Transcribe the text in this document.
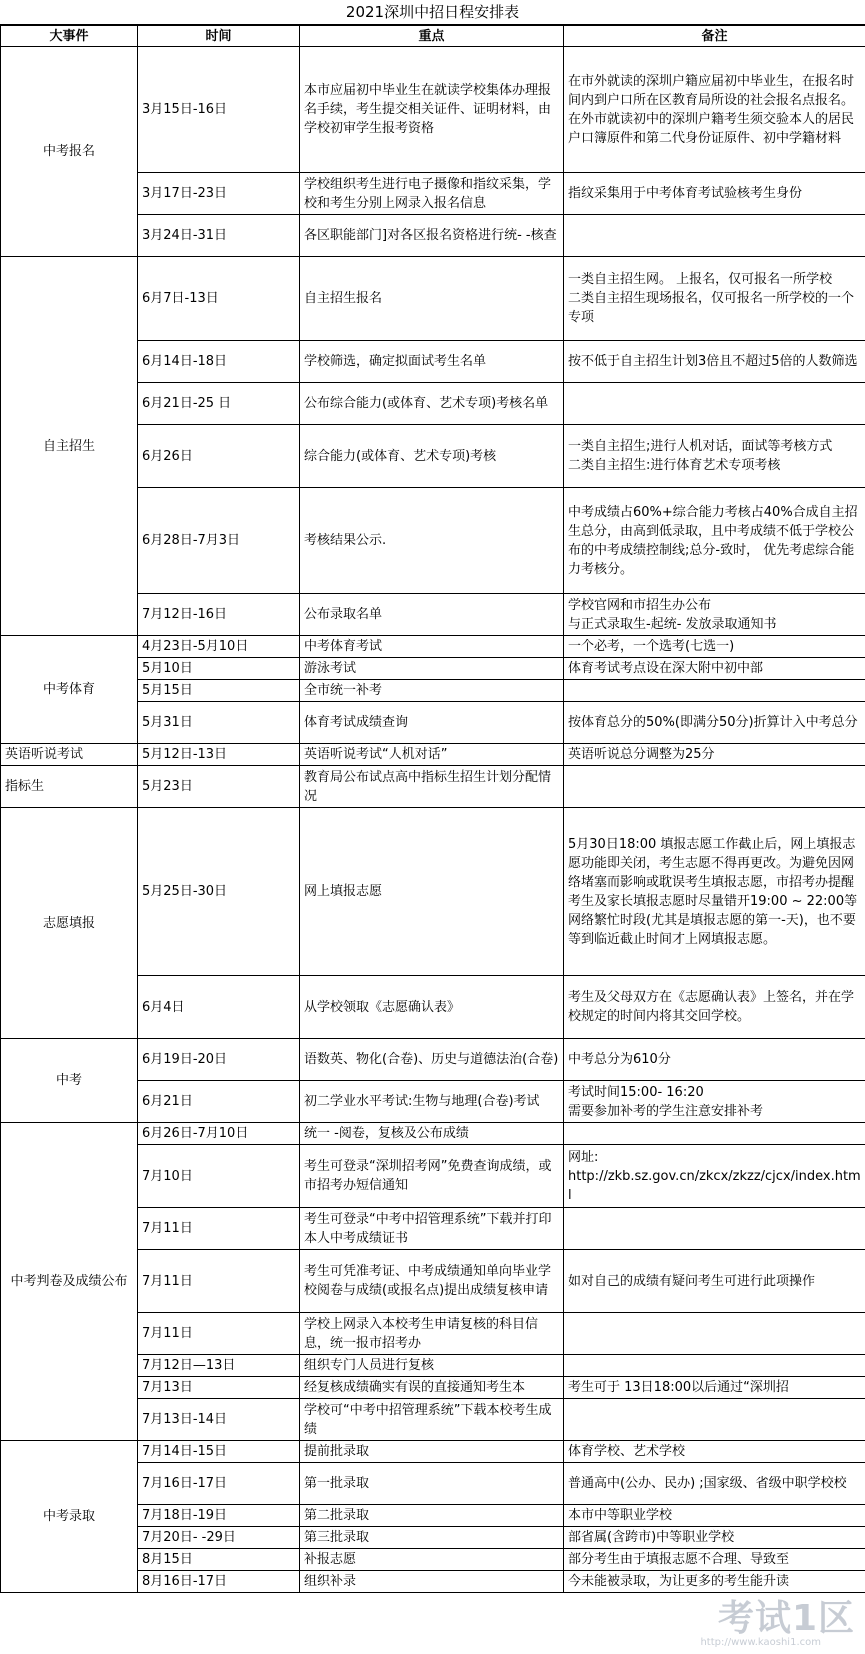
2021深圳中招日程安排表
大事件	时间	重点	备注
中考报名	3月15日-16日	本市应届初中毕业生在就读学校集体办理报名手续，考生提交相关证件、证明材料，由学校初审学生报考资格	在市外就读的深圳户籍应届初中毕业生，在报名时间内到户口所在区教育局所设的社会报名点报名。
在外市就读初中的深圳户籍考生须交验本人的居民户口簿原件和第二代身份证原件、初中学籍材料
	3月17日-23日	学校组织考生进行电子摄像和指纹采集，学校和考生分别上网录入报名信息	指纹采集用于中考体育考试验核考生身份
	3月24日-31日	各区职能部门]对各区报名资格进行统- -核查	
自主招生	6月7日-13日	自主招生报名	一类自主招生网。 上报名，仅可报名一所学校
二类自主招生现场报名，仅可报名一所学校的一个专项
	6月14日-18日	学校筛选，确定拟面试考生名单	按不低于自主招生计划3倍且不超过5倍的人数筛选
	6月21日-25 日	公布综合能力(或体育、艺术专项)考核名单	
	6月26日	综合能力(或体育、艺术专项)考核	一类自主招生;进行人机对话，面试等考核方式
二类自主招生:进行体育艺术专项考核
	6月28日-7月3日	考核结果公示.	中考成绩占60%+综合能力考核占40%合成自主招生总分，由高到低录取，且中考成绩不低于学校公布的中考成绩控制线;总分-致时， 优先考虑综合能力考核分。
	7月12日-16日	公布录取名单	学校官网和市招生办公布
与正式录取生-起统- 发放录取通知书
中考体育	4月23日-5月10日	中考体育考试	一个必考，一个选考(七选一)
	5月10日	游泳考试	体育考试考点设在深大附中初中部
	5月15日	全市统一补考	
	5月31日	体育考试成绩查询	按体育总分的50%(即满分50分)折算计入中考总分
英语听说考试	5月12日-13日	英语听说考试“人机对话”	英语听说总分调整为25分
指标生	5月23日	教育局公布试点高中指标生招生计划分配情况	
志愿填报	5月25日-30日	网上填报志愿	5月30日18:00 填报志愿工作截止后，网上填报志愿功能即关闭，考生志愿不得再更改。为避免因网络堵塞而影响或耽误考生填报志愿，市招考办提醒考生及家长填报志愿时尽量错开19:00 ~ 22:00等网络繁忙时段(尤其是填报志愿的第一-天)，也不要等到临近截止时间才上网填报志愿。
	6月4日	从学校领取《志愿确认表》	考生及父母双方在《志愿确认表》上签名，并在学校规定的时间内将其交回学校。
中考	6月19日-20日	语数英、物化(合卷)、历史与道德法治(合卷)	中考总分为610分
	6月21日	初二学业水平考试:生物与地理(合卷)考试	考试时间15:00- 16:20
需要参加补考的学生注意安排补考
中考判卷及成绩公布	6月26日-7月10日	统一 -阅卷，复核及公布成绩	
	7月10日	考生可登录“深圳招考网”免费查询成绩，或市招考办短信通知	网址:
http://zkb.sz.gov.cn/zkcx/zkzz/cjcx/index.html
	7月11日	考生可登录“中考中招管理系统”下载并打印本人中考成绩证书	
	7月11日	考生可凭准考证、中考成绩通知单向毕业学校阅卷与成绩(或报名点)提出成绩复核申请	如对自己的成绩有疑问考生可进行此项操作
	7月11日	学校上网录入本校考生申请复核的科目信息，统一报市招考办	
	7月12日—13日	组织专门人员进行复核	
	7月13日	经复核成绩确实有误的直接通知考生本	考生可于 13日18:00以后通过“深圳招
	7月13日-14日	学校可“中考中招管理系统”下载本校考生成绩	
中考录取	7月14日-15日	提前批录取	体育学校、艺术学校
	7月16日-17日	第一批录取	普通高中(公办、民办) ;国家级、省级中职学校校
	7月18日-19日	第二批录取	本市中等职业学校
	7月20日- -29日	第三批录取	部省属(含跨市)中等职业学校
	8月15日	补报志愿	部分考生由于填报志愿不合理、导致至
	8月16日-17日	组织补录	今未能被录取，为让更多的考生能升读
考试1区
http://www.kaoshi1.com
